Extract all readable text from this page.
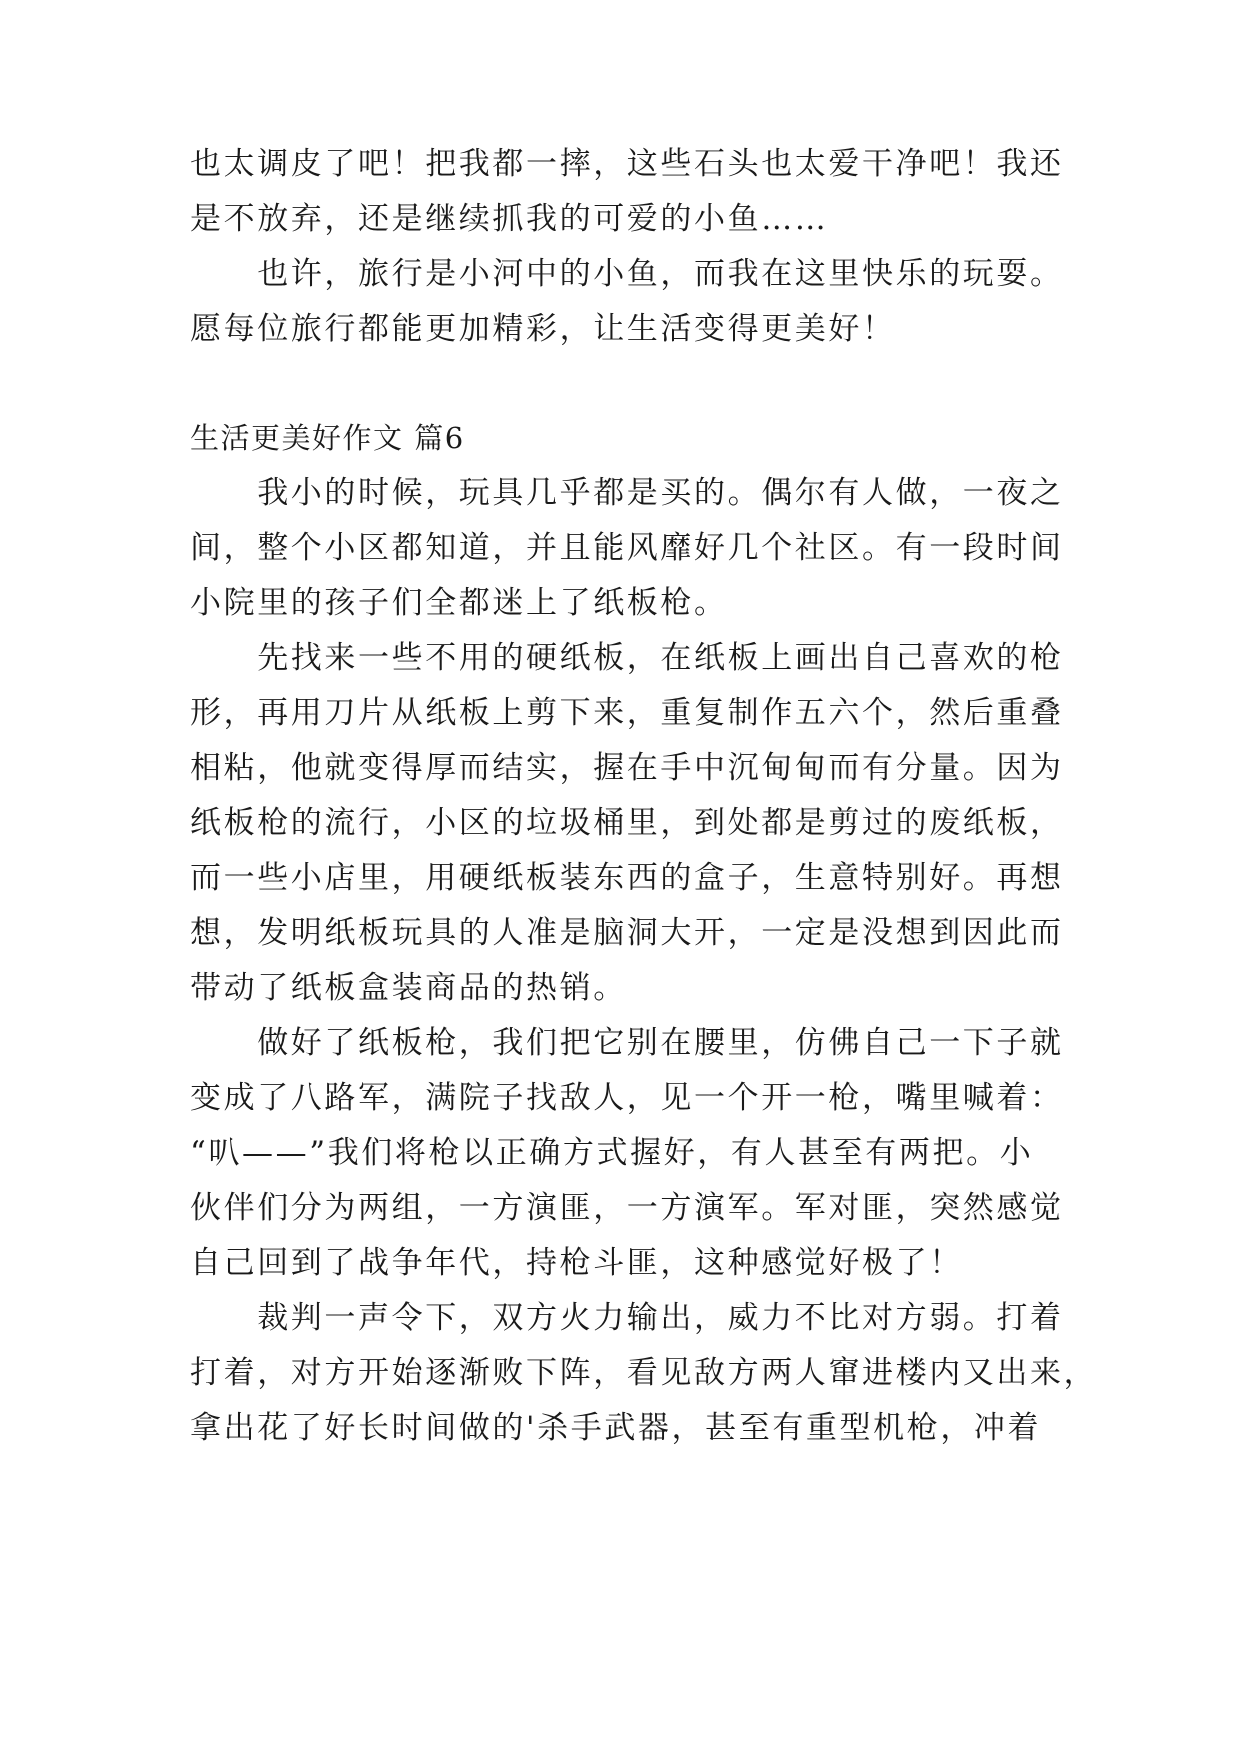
也太调皮了吧！把我都一摔，这些石头也太爱干净吧！我还

是不放弃，还是继续抓我的可爱的小鱼……

　　也许，旅行是小河中的小鱼，而我在这里快乐的玩耍。

愿每位旅行都能更加精彩，让生活变得更美好！

生活更美好作文 篇6

　　我小的时候，玩具几乎都是买的。偶尔有人做，一夜之

间，整个小区都知道，并且能风靡好几个社区。有一段时间

小院里的孩子们全都迷上了纸板枪。

　　先找来一些不用的硬纸板，在纸板上画出自己喜欢的枪

形，再用刀片从纸板上剪下来，重复制作五六个，然后重叠

相粘，他就变得厚而结实，握在手中沉甸甸而有分量。因为

纸板枪的流行，小区的垃圾桶里，到处都是剪过的废纸板，

而一些小店里，用硬纸板装东西的盒子，生意特别好。再想

想，发明纸板玩具的人准是脑洞大开，一定是没想到因此而

带动了纸板盒装商品的热销。

　　做好了纸板枪，我们把它别在腰里，仿佛自己一下子就

变成了八路军，满院子找敌人，见一个开一枪，嘴里喊着：

“叭——”我们将枪以正确方式握好，有人甚至有两把。小

伙伴们分为两组，一方演匪，一方演军。军对匪，突然感觉

自己回到了战争年代，持枪斗匪，这种感觉好极了！

　　裁判一声令下，双方火力输出，威力不比对方弱。打着

打着，对方开始逐渐败下阵，看见敌方两人窜进楼内又出来，

拿出花了好长时间做的'杀手武器，甚至有重型机枪，冲着
